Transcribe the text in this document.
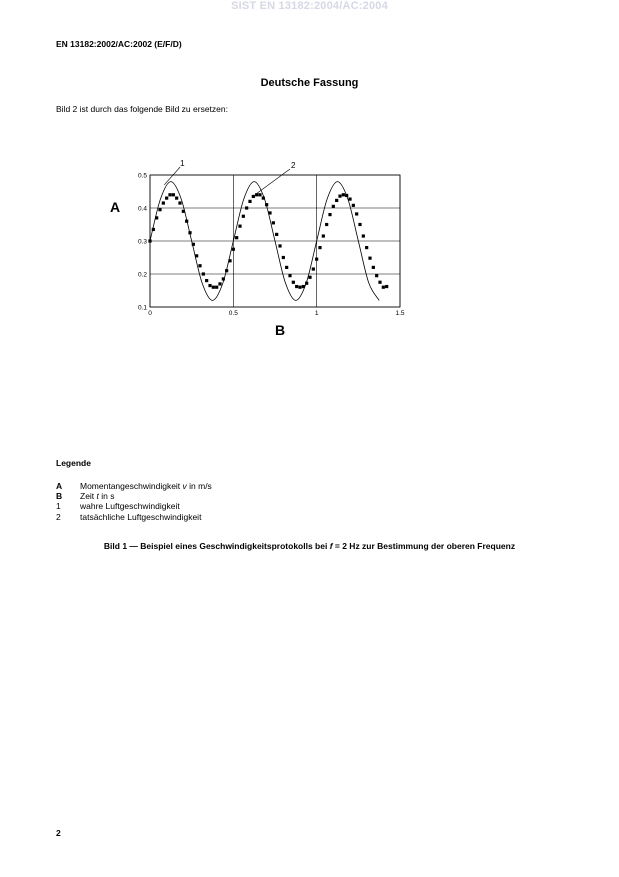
SIST EN 13182:2004/AC:2004
EN 13182:2002/AC:2002 (E/F/D)
Deutsche Fassung
Bild 2 ist durch das folgende Bild zu ersetzen:
0.1
0.2
0.3
0.4
0.5
0	0.5	1	1.5
1	2
A
B
Legende
A	Momentangeschwindigkeit v in m/s
B	Zeit t in s
1	wahre Luftgeschwindigkeit
2	tatsächliche Luftgeschwindigkeit
Bild 1 — Beispiel eines Geschwindigkeitsprotokolls bei f = 2 Hz zur Bestimmung der oberen Frequenz
2
